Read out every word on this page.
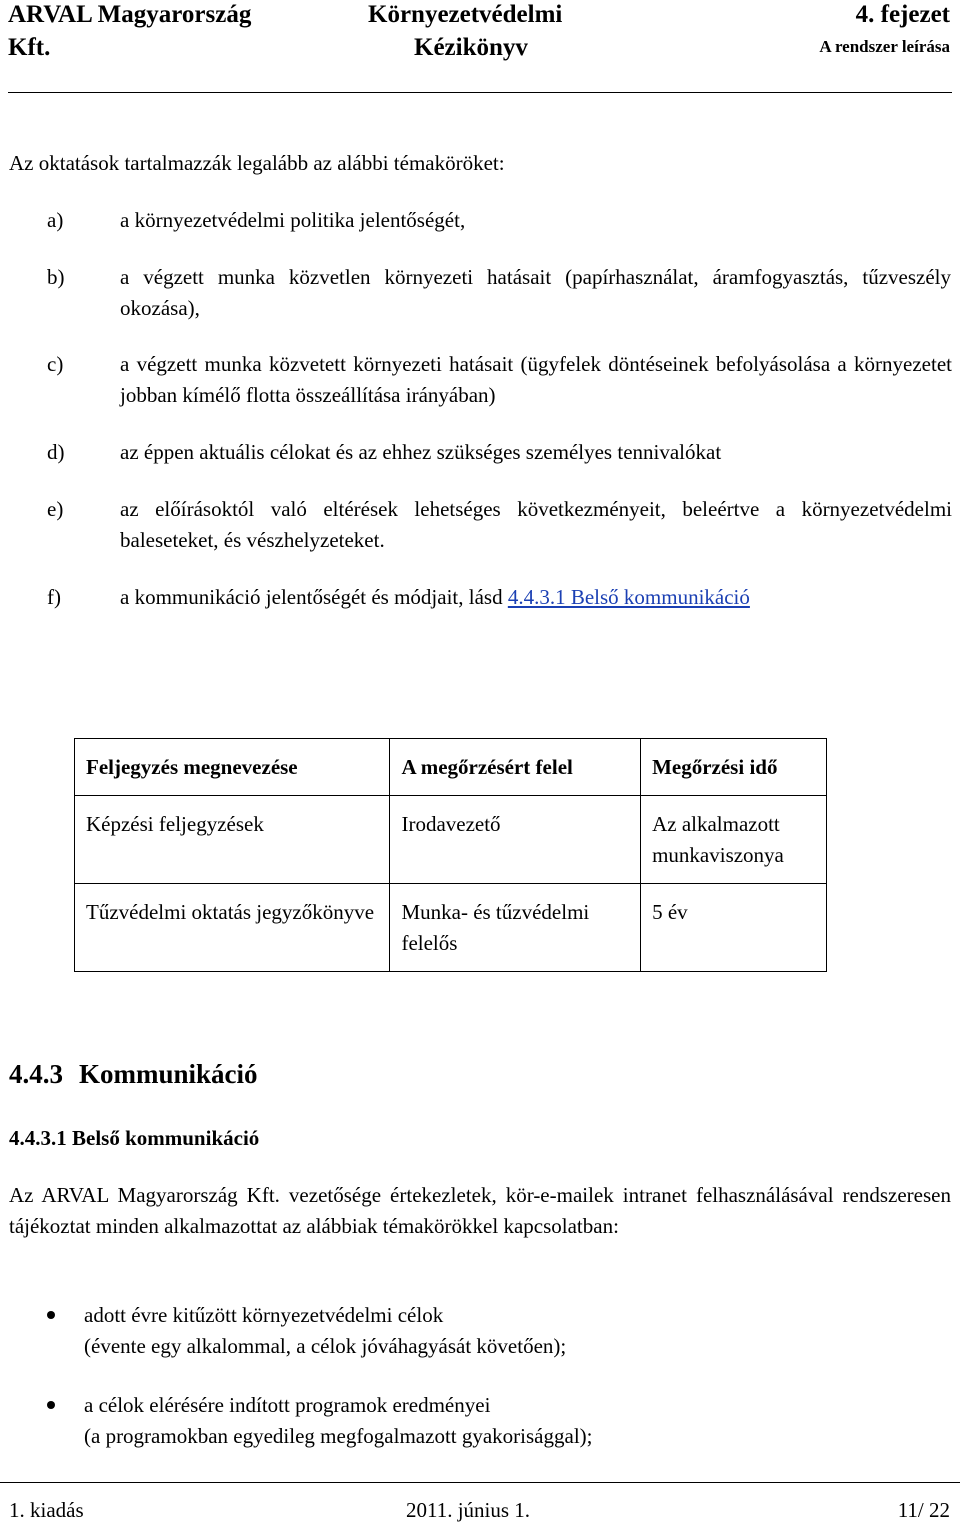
ARVAL Magyarország
Kft.
Környezetvédelmi
Kézikönyv
4. fejezet
A rendszer leírása
Az oktatások tartalmazzák legalább az alábbi témaköröket:
a)	a környezetvédelmi politika jelentőségét,
b)	a végzett munka közvetlen környezeti hatásait (papírhasználat, áramfogyasztás, tűzveszély okozása),
c)	a végzett munka közvetett környezeti hatásait (ügyfelek döntéseinek befolyásolása a környezetet jobban kímélő flotta összeállítása irányában)
d)	az éppen aktuális célokat és az ehhez szükséges személyes tennivalókat
e)	az előírásoktól való eltérések lehetséges következményeit, beleértve a környezetvédelmi baleseteket, és vészhelyzeteket.
f)	a kommunikáció jelentőségét és módjait, lásd 4.4.3.1 Belső kommunikáció
Feljegyzés megnevezése	A megőrzésért felel	Megőrzési idő
Képzési feljegyzések	Irodavezető	Az alkalmazott munkaviszonya
Tűzvédelmi oktatás jegyzőkönyve	Munka- és tűzvédelmi felelős	5 év
4.4.3 Kommunikáció
4.4.3.1 Belső kommunikáció
Az ARVAL Magyarország Kft. vezetősége értekezletek, kör-e-mailek intranet felhasználásával rendszeresen tájékoztat minden alkalmazottat az alábbiak témakörökkel kapcsolatban:
adott évre kitűzött környezetvédelmi célok
(évente egy alkalommal, a célok jóváhagyását követően);
a célok elérésére indított programok eredményei
(a programokban egyedileg megfogalmazott gyakorisággal);
1. kiadás	2011. június 1.	11/ 22
